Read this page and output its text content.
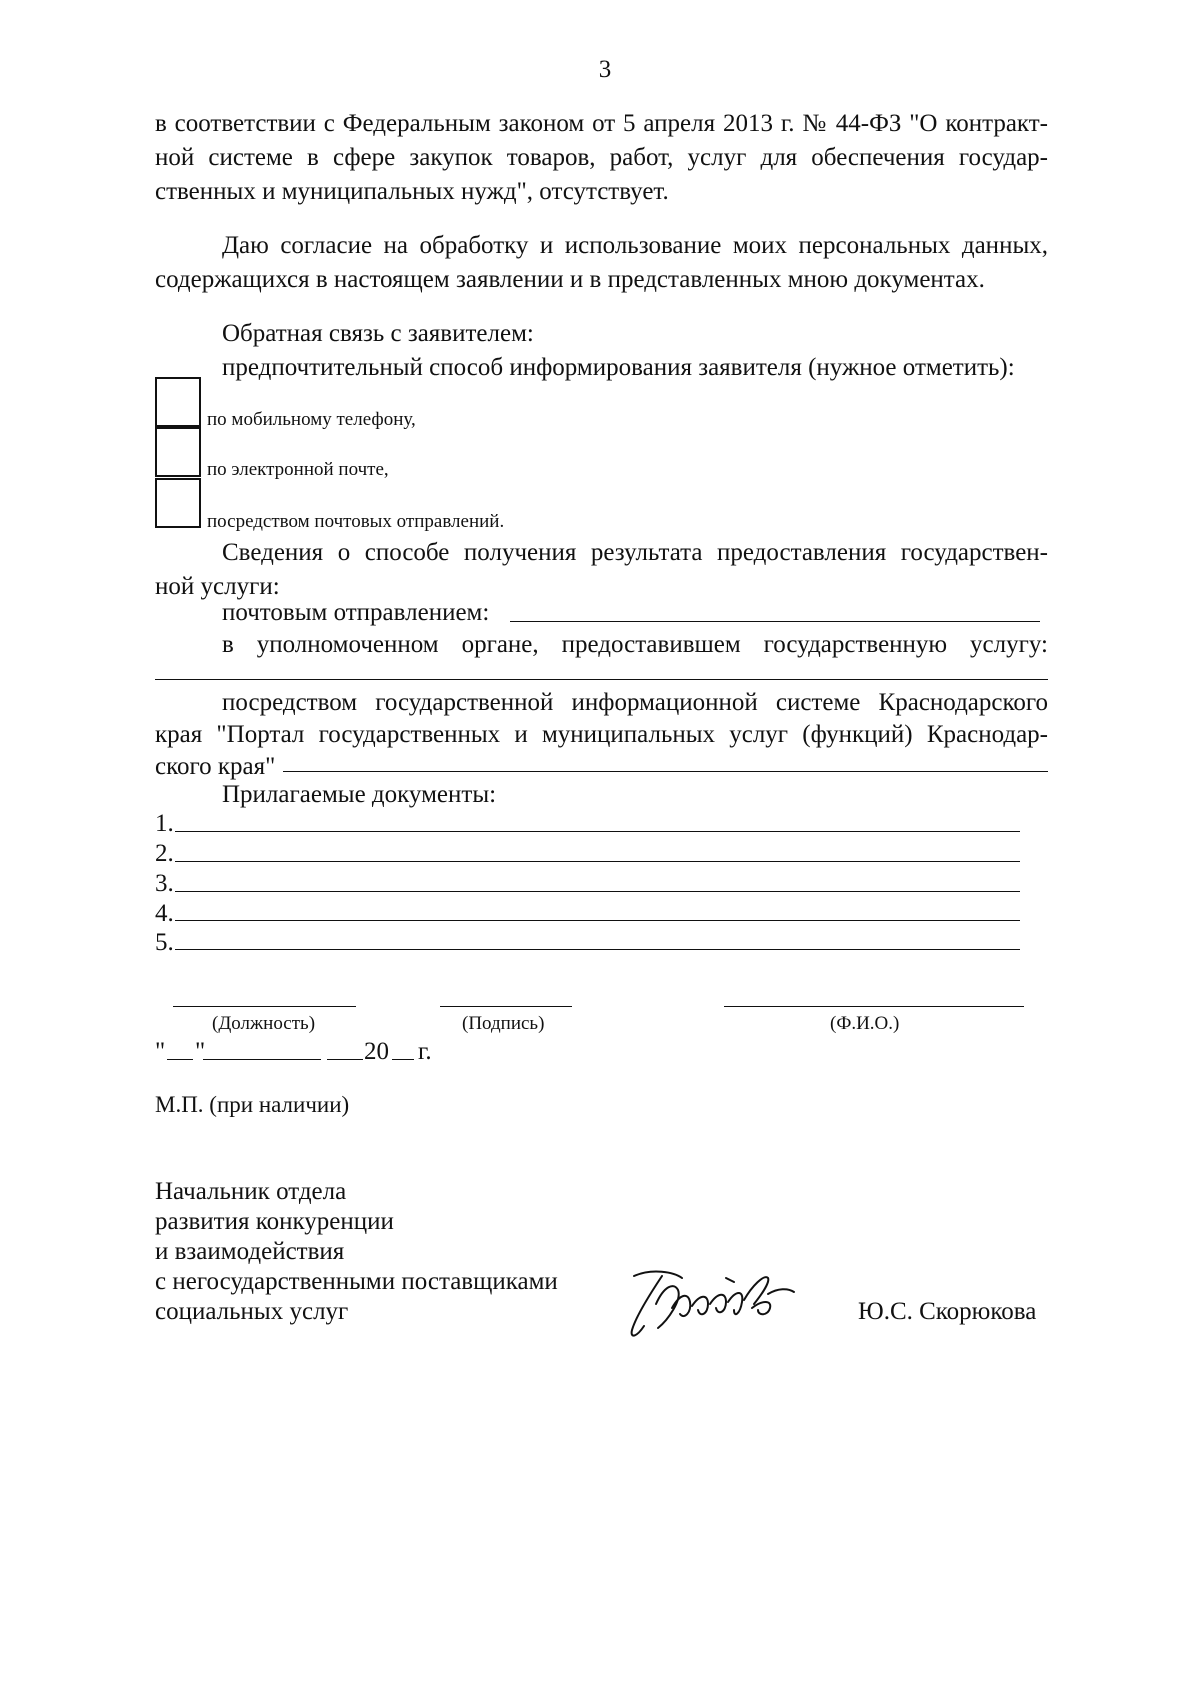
3
в соответствии с Федеральным законом от 5 апреля 2013 г. № 44-ФЗ "О контракт-
ной системе в сфере закупок товаров, работ, услуг для обеспечения государ-
ственных и муниципальных нужд", отсутствует.
Даю согласие на обработку и использование моих персональных данных,
содержащихся в настоящем заявлении и в представленных мною документах.
Обратная связь с заявителем:
предпочтительный способ информирования заявителя (нужное отметить):
по мобильному телефону,
по электронной почте,
посредством почтовых отправлений.
Сведения о способе получения результата предоставления государствен-
ной услуги:
почтовым отправлением:
в уполномоченном органе, предоставившем государственную услугу:
посредством государственной информационной системе Краснодарского
края "Портал государственных и муниципальных услуг (функций) Краснодар-
ского края"
Прилагаемые документы:
1.
2.
3.
4.
5.
(Должность)	(Подпись)	(Ф.И.О.)
" "	20 г.
М.П. (при наличии)
Начальник отдела
развития конкуренции
и взаимодействия
с негосударственными поставщиками
социальных услуг	Ю.С. Скорюкова
